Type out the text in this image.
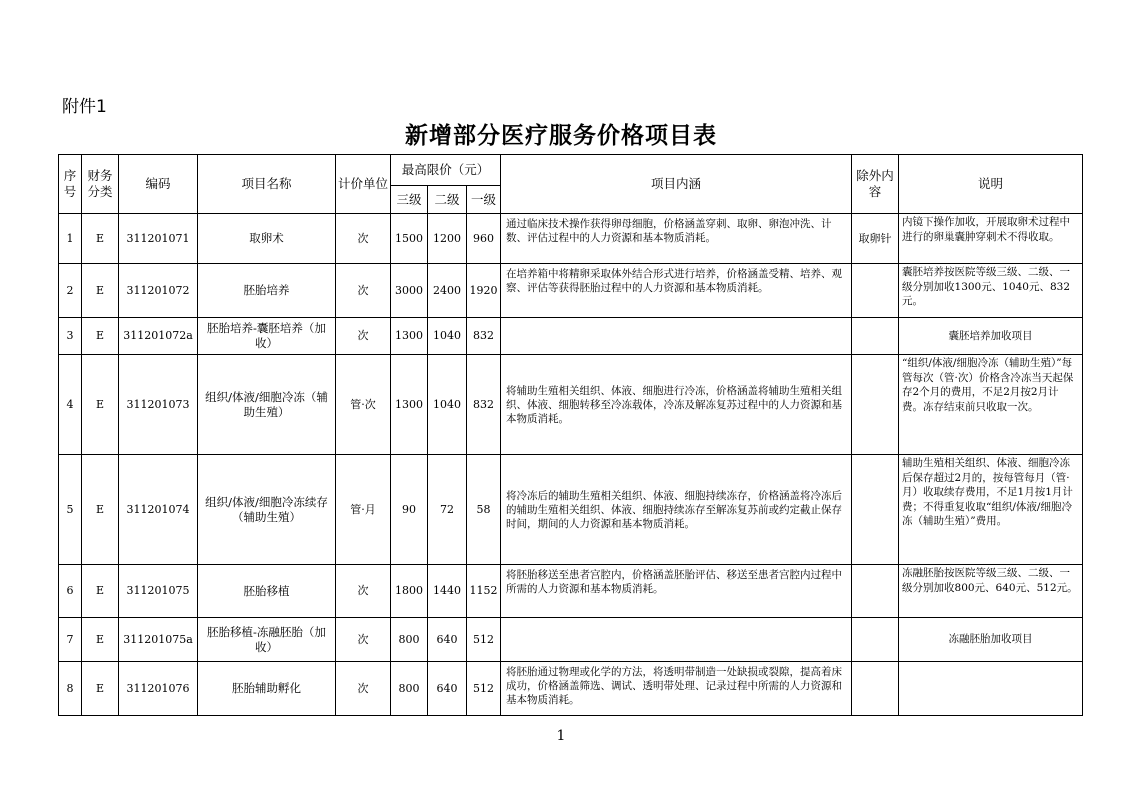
附件1
新增部分医疗服务价格项目表
序号	财务分类	编码	项目名称	计价单位	最高限价（元）			项目内涵	除外内容	说明
					三级	二级	一级			
1	E	311201071	取卵术	次	1500	1200	960	通过临床技术操作获得卵母细胞，价格涵盖穿刺、取卵、卵泡冲洗、计数、评估过程中的人力资源和基本物质消耗。	取卵针	内镜下操作加收，开展取卵术过程中进行的卵巢囊肿穿刺术不得收取。
2	E	311201072	胚胎培养	次	3000	2400	1920	在培养箱中将精卵采取体外结合形式进行培养，价格涵盖受精、培养、观察、评估等获得胚胎过程中的人力资源和基本物质消耗。		囊胚培养按医院等级三级、二级、一级分别加收1300元、1040元、832元。
3	E	311201072a	胚胎培养-囊胚培养（加收）	次	1300	1040	832			囊胚培养加收项目
4	E	311201073	组织/体液/细胞冷冻（辅助生殖）	管·次	1300	1040	832	将辅助生殖相关组织、体液、细胞进行冷冻，价格涵盖将辅助生殖相关组织、体液、细胞转移至冷冻载体，冷冻及解冻复苏过程中的人力资源和基本物质消耗。		“组织/体液/细胞冷冻（辅助生殖）”每管每次（管·次）价格含冷冻当天起保存2个月的费用，不足2月按2月计费。冻存结束前只收取一次。
5	E	311201074	组织/体液/细胞冷冻续存（辅助生殖）	管·月	90	72	58	将冷冻后的辅助生殖相关组织、体液、细胞持续冻存，价格涵盖将冷冻后的辅助生殖相关组织、体液、细胞持续冻存至解冻复苏前或约定截止保存时间，期间的人力资源和基本物质消耗。		辅助生殖相关组织、体液、细胞冷冻后保存超过2月的，按每管每月（管·月）收取续存费用，不足1月按1月计费；不得重复收取“组织/体液/细胞冷冻（辅助生殖）”费用。
6	E	311201075	胚胎移植	次	1800	1440	1152	将胚胎移送至患者宫腔内，价格涵盖胚胎评估、移送至患者宫腔内过程中所需的人力资源和基本物质消耗。		冻融胚胎按医院等级三级、二级、一级分别加收800元、640元、512元。
7	E	311201075a	胚胎移植-冻融胚胎（加收）	次	800	640	512			冻融胚胎加收项目
8	E	311201076	胚胎辅助孵化	次	800	640	512	将胚胎通过物理或化学的方法，将透明带制造一处缺损或裂隙，提高着床成功，价格涵盖筛选、调试、透明带处理、记录过程中所需的人力资源和基本物质消耗。		
1
